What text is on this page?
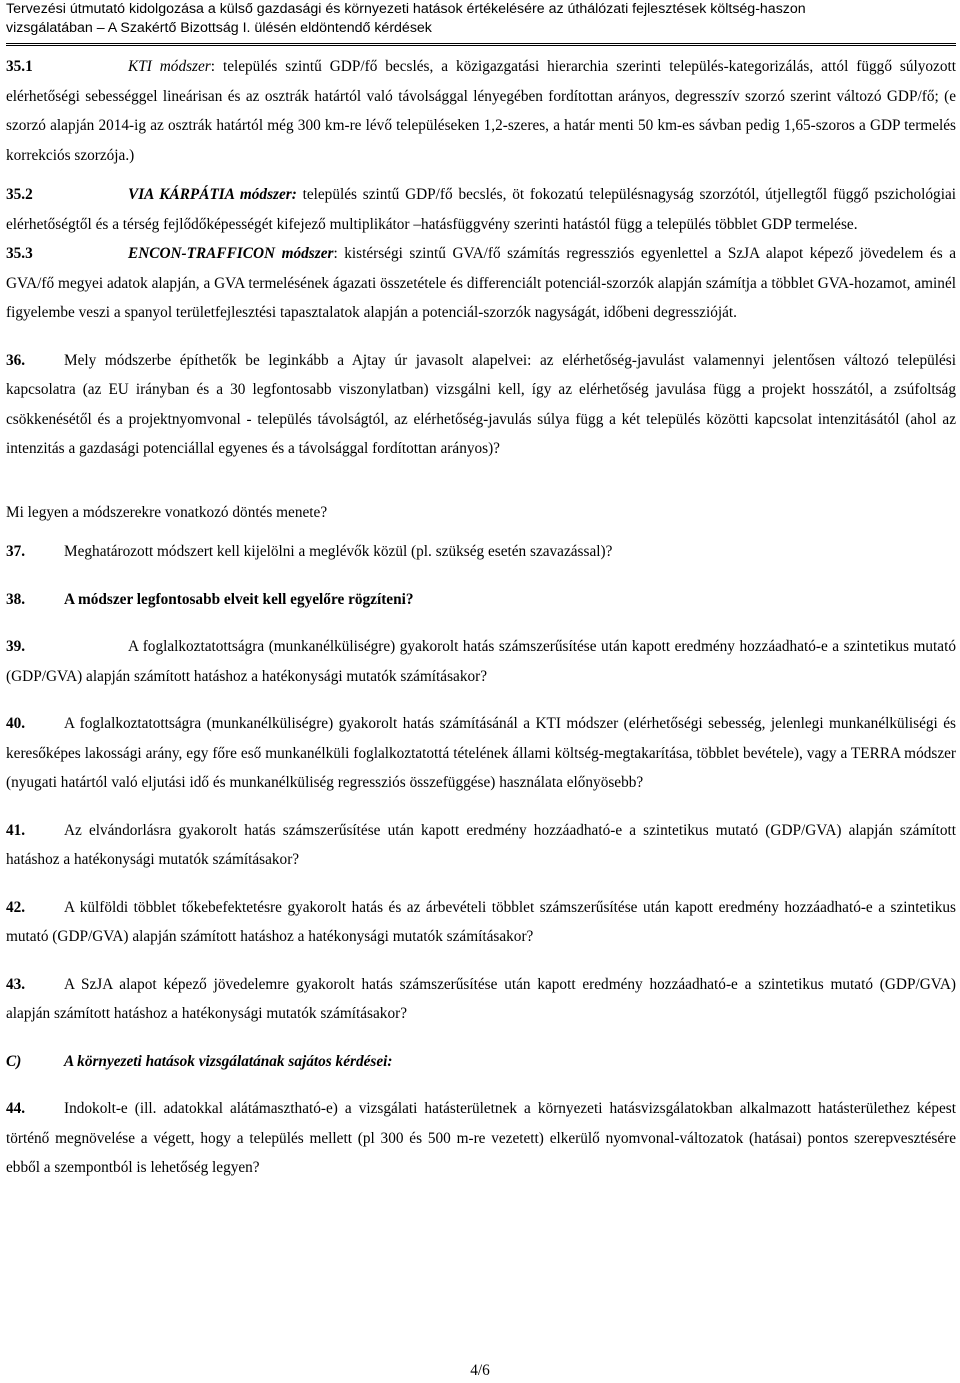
Tervezési útmutató kidolgozása a külső gazdasági és környezeti hatások értékelésére az úthálózati fejlesztések költség-haszon
vizsgálatában – A Szakértő Bizottság I. ülésén eldöntendő kérdések

35.1	KTI módszer: település szintű GDP/fő becslés, a közigazgatási hierarchia szerinti település-kategorizálás, attól függő súlyozott elérhetőségi sebességgel lineárisan és az osztrák határtól való távolsággal lényegében fordítottan arányos, degresszív szorzó szerint változó GDP/fő; (e szorzó alapján 2014-ig az osztrák határtól még 300 km-re lévő településeken 1,2-szeres, a határ menti 50 km-es sávban pedig 1,65-szoros a GDP termelés korrekciós szorzója.)

35.2	VIA KÁRPÁTIA módszer: település szintű GDP/fő becslés, öt fokozatú településnagyság szorzótól, útjellegtől függő pszichológiai elérhetőségtől és a térség fejlődőképességét kifejező multiplikátor –hatásfüggvény szerinti hatástól függ a település többlet GDP termelése.

35.3	ENCON-TRAFFICON módszer: kistérségi szintű GVA/fő számítás regressziós egyenlettel a SzJA alapot képező jövedelem és a GVA/fő megyei adatok alapján, a GVA termelésének ágazati összetétele és differenciált potenciál-szorzók alapján számítja a többlet GVA-hozamot, aminél figyelembe veszi a spanyol területfejlesztési tapasztalatok alapján a potenciál-szorzók nagyságát, időbeni degresszióját.

36.	Mely módszerbe építhetők be leginkább a Ajtay úr javasolt alapelvei: az elérhetőség-javulást valamennyi jelentősen változó települési kapcsolatra (az EU irányban és a 30 legfontosabb viszonylatban) vizsgálni kell, így az elérhetőség javulása függ a projekt hosszától, a zsúfoltság csökkenésétől és a projektnyomvonal - település távolságtól, az elérhetőség-javulás súlya függ a két település közötti kapcsolat intenzitásától (ahol az intenzitás a gazdasági potenciállal egyenes és a távolsággal fordítottan arányos)?

Mi legyen a módszerekre vonatkozó döntés menete?

37.	Meghatározott módszert kell kijelölni a meglévők közül (pl. szükség esetén szavazással)?

38.	A módszer legfontosabb elveit kell egyelőre rögzíteni?

39.	A foglalkoztatottságra (munkanélküliségre) gyakorolt hatás számszerűsítése után kapott eredmény hozzáadható-e a szintetikus mutató (GDP/GVA) alapján számított hatáshoz a hatékonysági mutatók számításakor?

40.	A foglalkoztatottságra (munkanélküliségre) gyakorolt hatás számításánál a KTI módszer (elérhetőségi sebesség, jelenlegi munkanélküliségi és keresőképes lakossági arány, egy főre eső munkanélküli foglalkoztatottá tételének állami költség-megtakarítása, többlet bevétele), vagy a TERRA módszer (nyugati határtól való eljutási idő és munkanélküliség regressziós összefüggése) használata előnyösebb?

41.	Az elvándorlásra gyakorolt hatás számszerűsítése után kapott eredmény hozzáadható-e a szintetikus mutató (GDP/GVA) alapján számított hatáshoz a hatékonysági mutatók számításakor?

42.	A külföldi többlet tőkebefektetésre gyakorolt hatás és az árbevételi többlet számszerűsítése után kapott eredmény hozzáadható-e a szintetikus mutató (GDP/GVA) alapján számított hatáshoz a hatékonysági mutatók számításakor?

43.	A SzJA alapot képező jövedelemre gyakorolt hatás számszerűsítése után kapott eredmény hozzáadható-e a szintetikus mutató (GDP/GVA) alapján számított hatáshoz a hatékonysági mutatók számításakor?

C)	A környezeti hatások vizsgálatának sajátos kérdései:

44.	Indokolt-e (ill. adatokkal alátámasztható-e) a vizsgálati hatásterületnek a környezeti hatásvizsgálatokban alkalmazott hatásterülethez képest történő megnövelése a végett, hogy a település mellett (pl 300 és 500 m-re vezetett) elkerülő nyomvonal-változatok (hatásai) pontos szerepvesztésére ebből a szempontból is lehetőség legyen?

4/6
